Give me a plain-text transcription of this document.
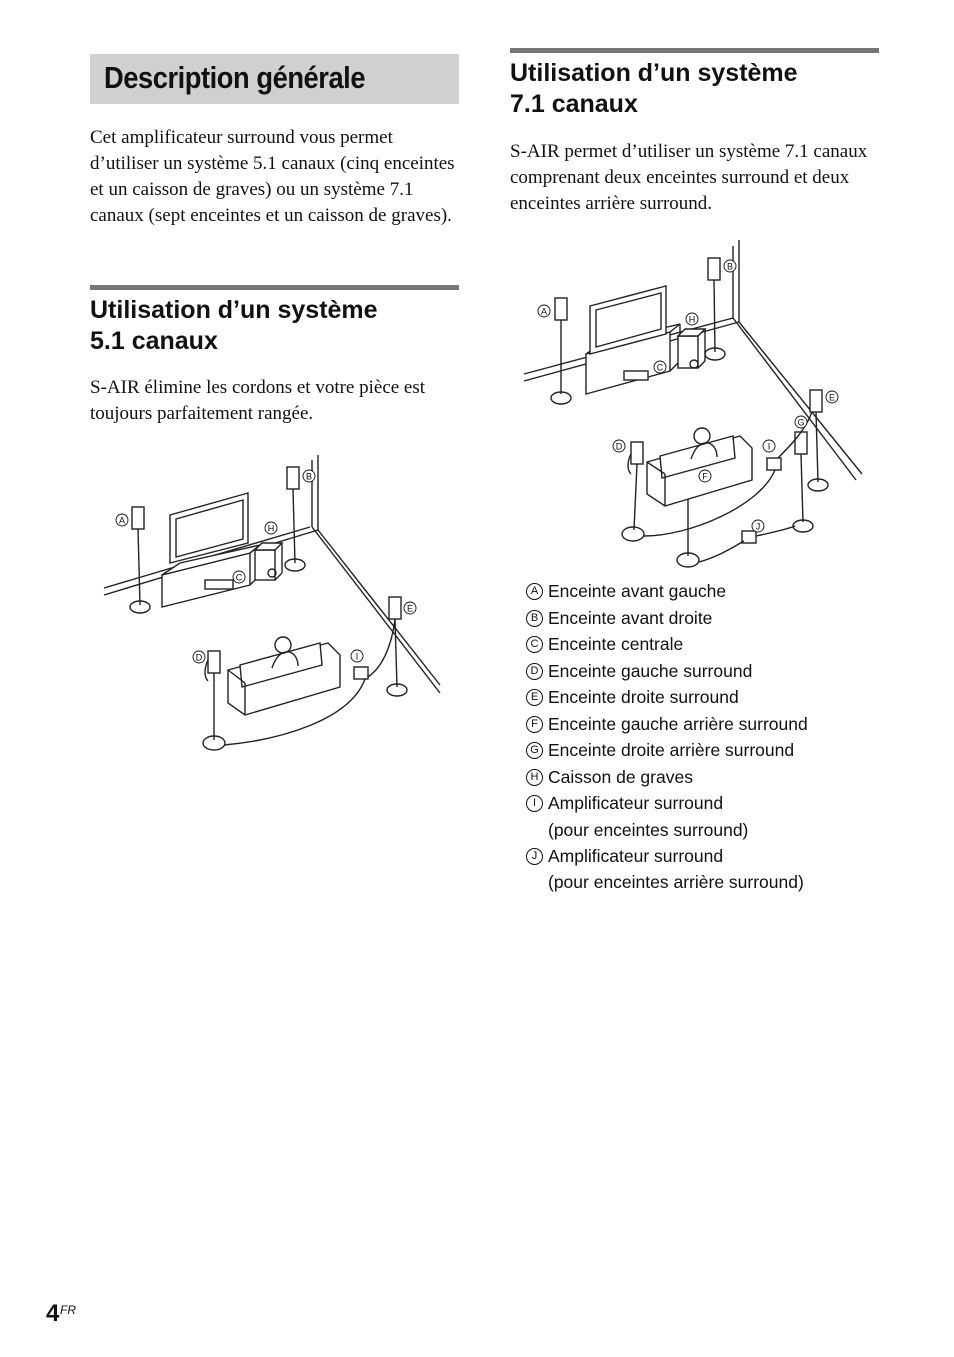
Description générale

Cet amplificateur surround vous permet d’utiliser un système 5.1 canaux (cinq enceintes et un caisson de graves) ou un système 7.1 canaux (sept enceintes et un caisson de graves).

Utilisation d’un système
5.1 canaux

S-AIR élimine les cordons et votre pièce est toujours parfaitement rangée.

A
B
C
D
E
H
I
Utilisation d’un système
7.1 canaux

S-AIR permet d’utiliser un système 7.1 canaux comprenant deux enceintes surround et deux enceintes arrière surround.

A
B
C
D
E
F
G
H
I
J
A Enceinte avant gauche
B Enceinte avant droite
C Enceinte centrale
D Enceinte gauche surround
E Enceinte droite surround
F Enceinte gauche arrière surround
G Enceinte droite arrière surround
H Caisson de graves
I Amplificateur surround
(pour enceintes surround)
J Amplificateur surround
(pour enceintes arrière surround)
4 FR
